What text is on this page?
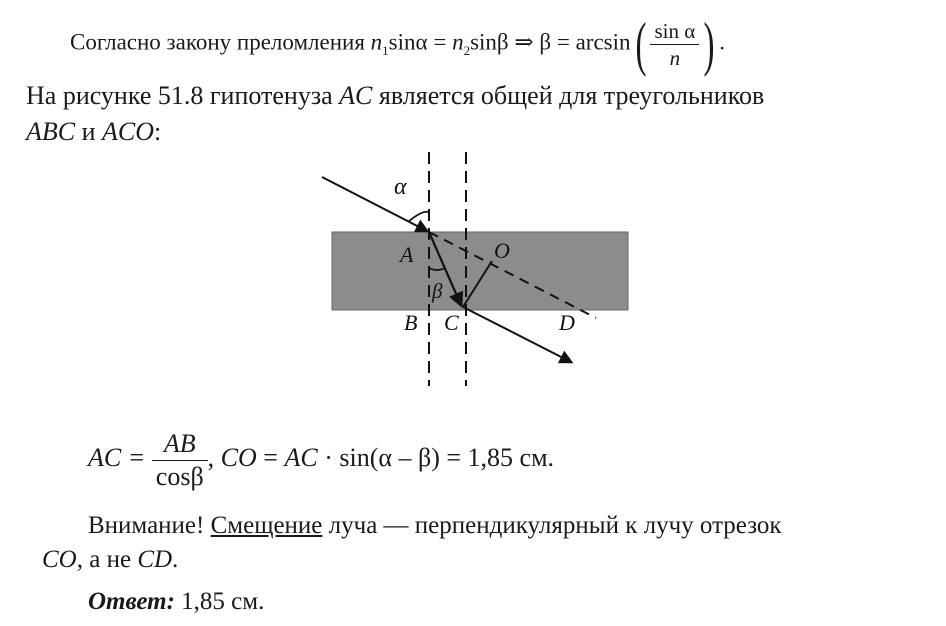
Согласно закону преломления $n_1\sin\alpha = n_2\sin\beta$ ⇒ $\beta = \arcsin( \frac{\text{sin α}}{n}$ ) .
На рисунке 51.8 гипотенуза AC является общей для треугольников
ABC и ACO:
α
A	O
β
B C	D
AC = $\frac{AB}{\cos\beta}$ , CO = AC · sin(α – β) = 1,85 см.
Внимание! Смещение луча — перпендикулярный к лучу отрезок
CO, а не CD.
Ответ: 1,85 см.
